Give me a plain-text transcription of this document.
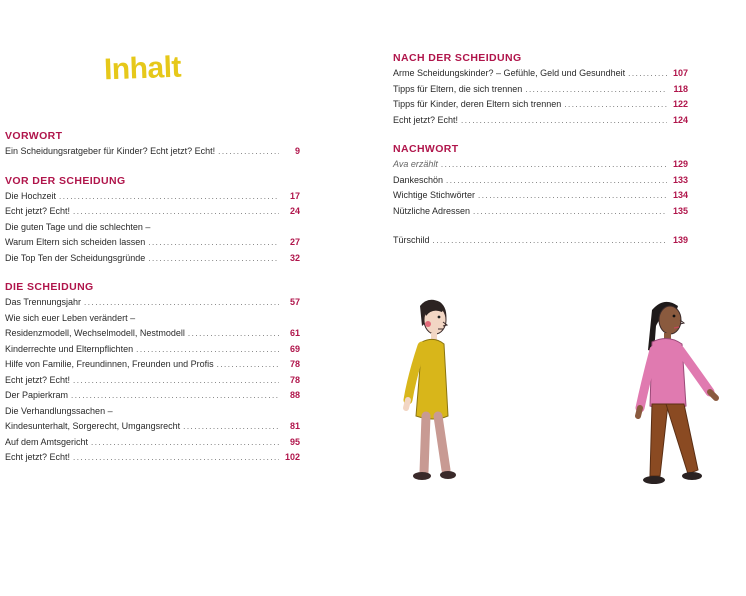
Inhalt
VORWORT
Ein Scheidungsratgeber für Kinder? Echt jetzt? Echt! .....	9
VOR DER SCHEIDUNG
Die Hochzeit .....	17
Echt jetzt? Echt! .....	24
Die guten Tage und die schlechten –
Warum Eltern sich scheiden lassen .....	27
Die Top Ten der Scheidungsgründe .....	32
DIE SCHEIDUNG
Das Trennungsjahr .....	57
Wie sich euer Leben verändert –
Residenzmodell, Wechselmodell, Nestmodell .....	61
Kinderrechte und Elternpflichten .....	69
Hilfe von Familie, Freundinnen, Freunden und Profis .....	78
Echt jetzt? Echt! .....	78
Der Papierkram .....	88
Die Verhandlungssachen –
Kindesunterhalt, Sorgerecht, Umgangsrecht .....	81
Auf dem Amtsgericht .....	95
Echt jetzt? Echt! .....	102
NACH DER SCHEIDUNG
Arme Scheidungskinder? – Gefühle, Geld und Gesundheit .....	107
Tipps für Eltern, die sich trennen .....	118
Tipps für Kinder, deren Eltern sich trennen .....	122
Echt jetzt? Echt! .....	124
NACHWORT
Ava erzählt .....	129
Dankeschön .....	133
Wichtige Stichwörter .....	134
Nützliche Adressen .....	135
Türschild .....	139
